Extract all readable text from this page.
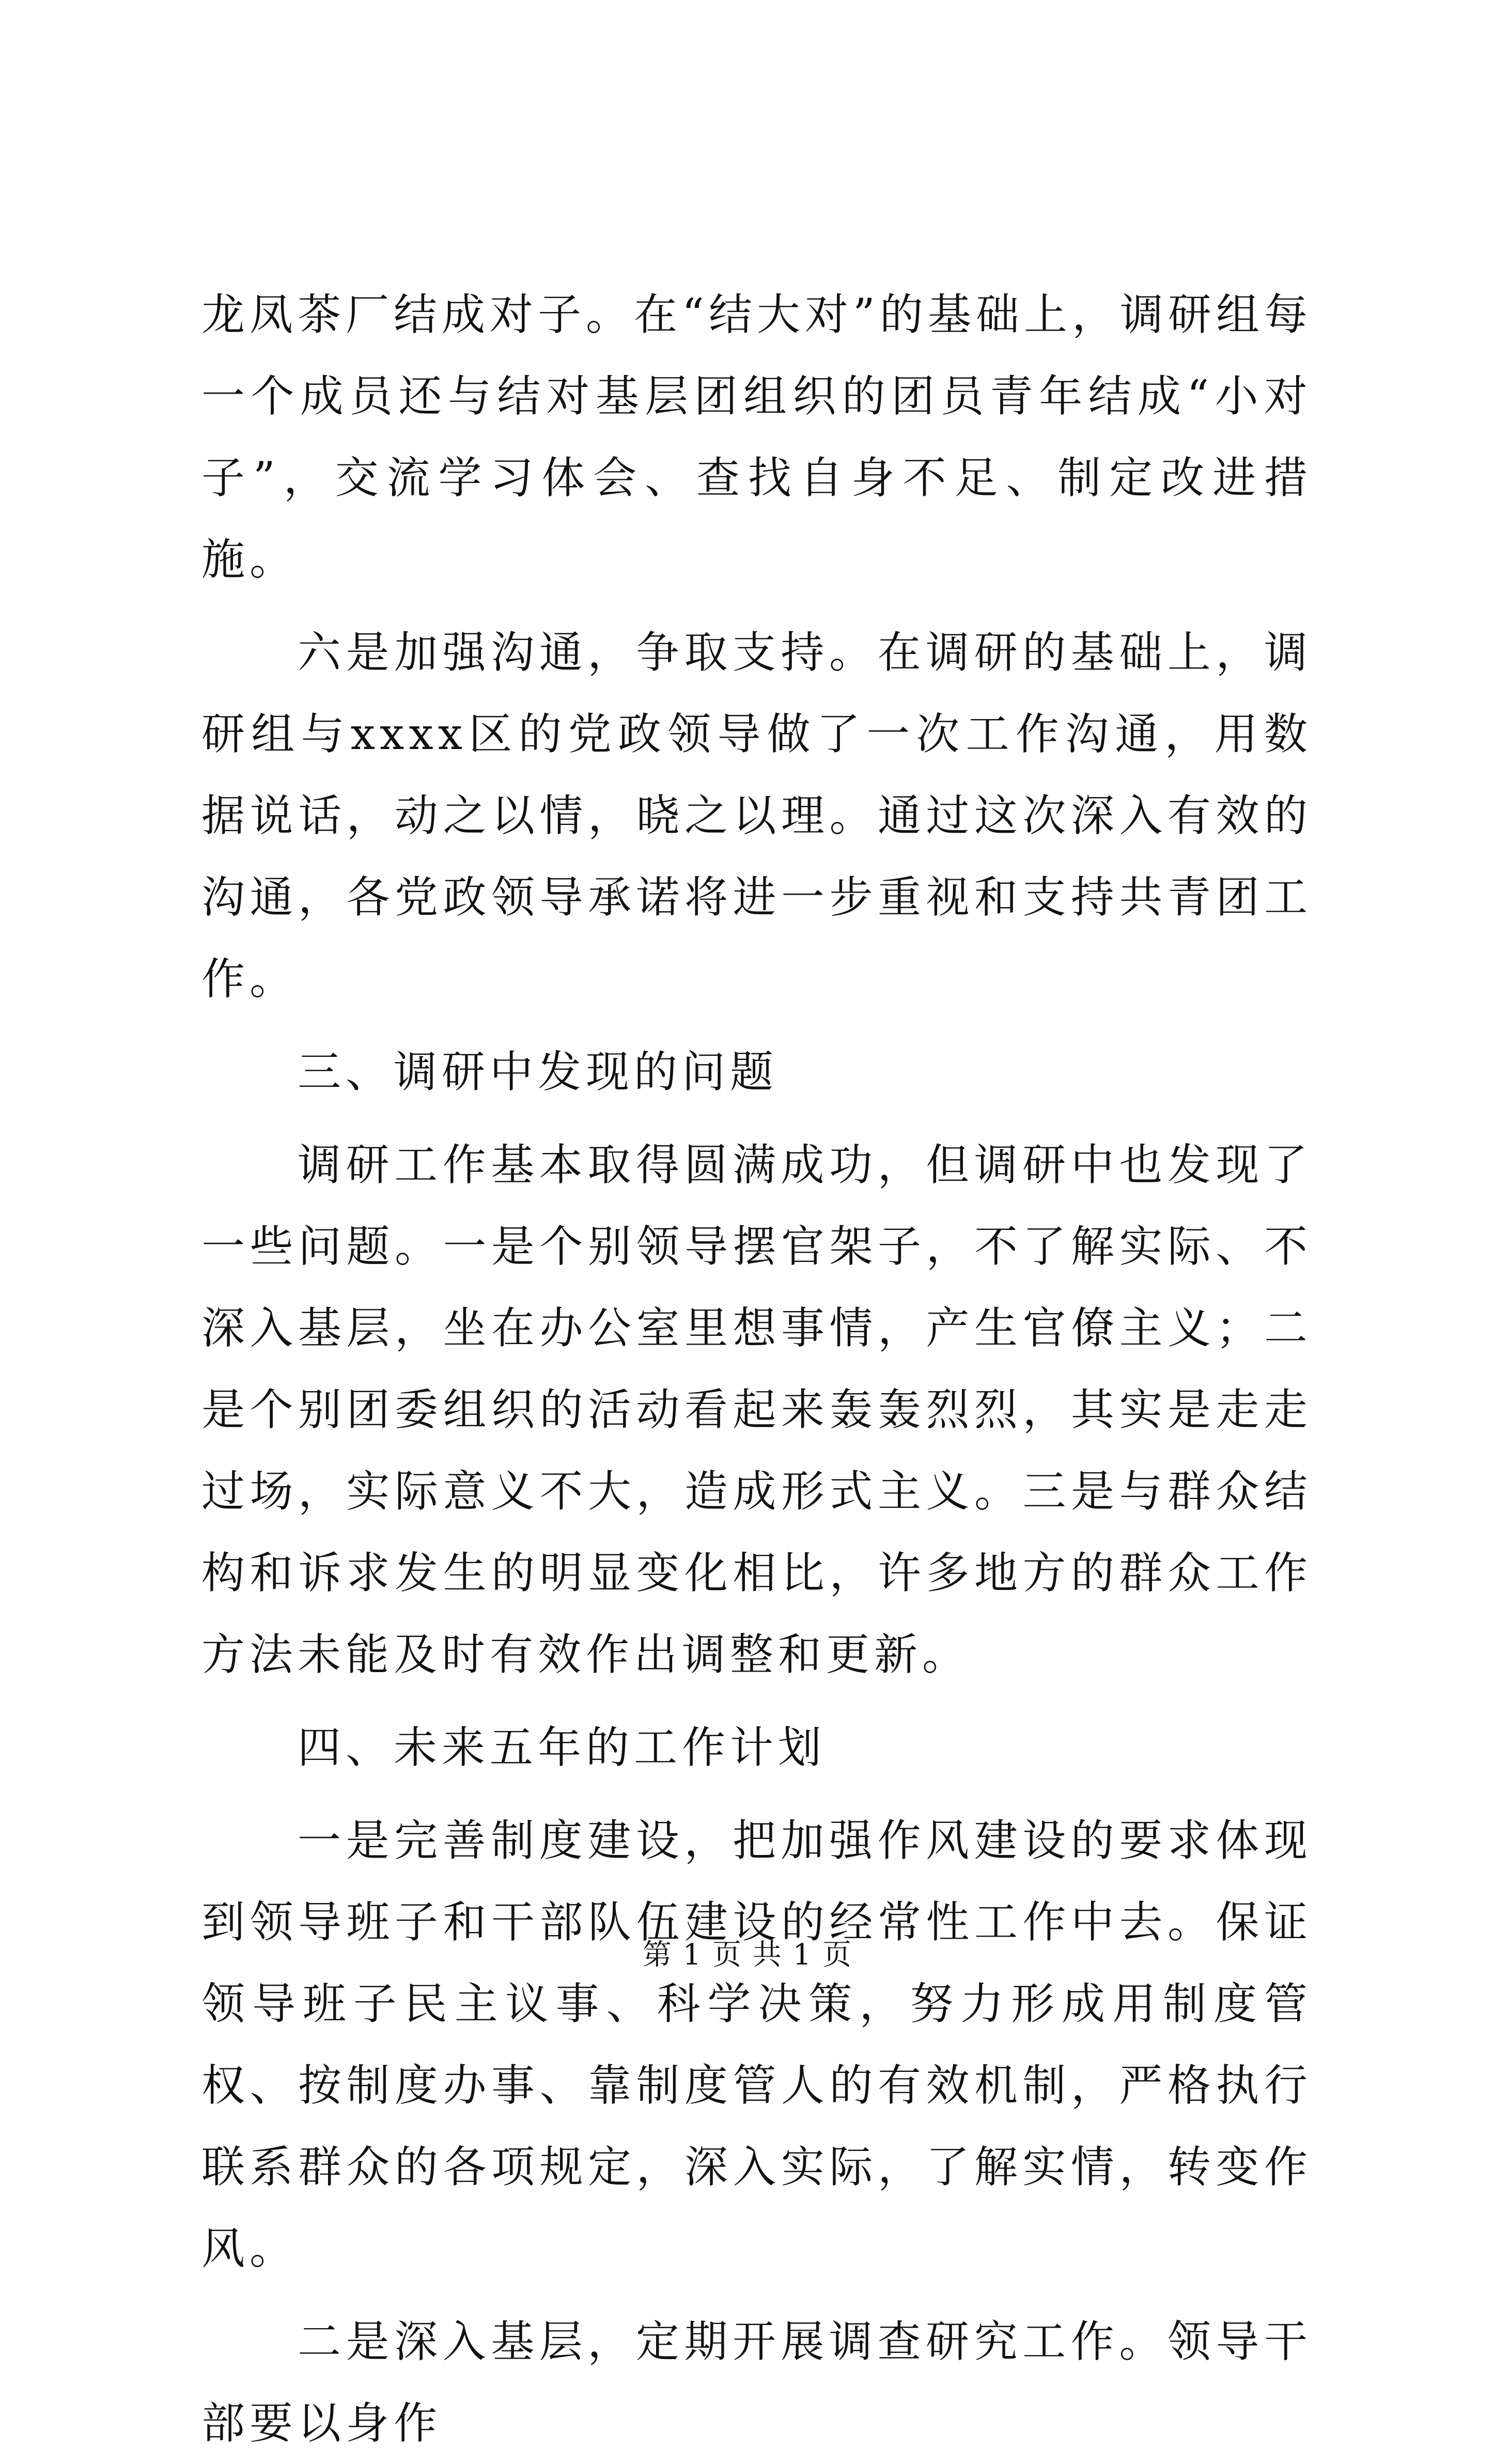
龙凤茶厂结成对子。在“结大对”的基础上，调研组每一个成员还与结对基层团组织的团员青年结成“小对子”，交流学习体会、查找自身不足、制定改进措施。

六是加强沟通，争取支持。在调研的基础上，调研组与xxxx区的党政领导做了一次工作沟通，用数据说话，动之以情，晓之以理。通过这次深入有效的沟通，各党政领导承诺将进一步重视和支持共青团工作。

三、调研中发现的问题

调研工作基本取得圆满成功，但调研中也发现了一些问题。一是个别领导摆官架子，不了解实际、不深入基层，坐在办公室里想事情，产生官僚主义；二是个别团委组织的活动看起来轰轰烈烈，其实是走走过场，实际意义不大，造成形式主义。三是与群众结构和诉求发生的明显变化相比，许多地方的群众工作方法未能及时有效作出调整和更新。

四、未来五年的工作计划

一是完善制度建设，把加强作风建设的要求体现到领导班子和干部队伍建设的经常性工作中去。保证领导班子民主议事、科学决策，努力形成用制度管权、按制度办事、靠制度管人的有效机制，严格执行联系群众的各项规定，深入实际，了解实情，转变作风。

二是深入基层，定期开展调查研究工作。领导干部要以身作

第 1 页 共 1 页
